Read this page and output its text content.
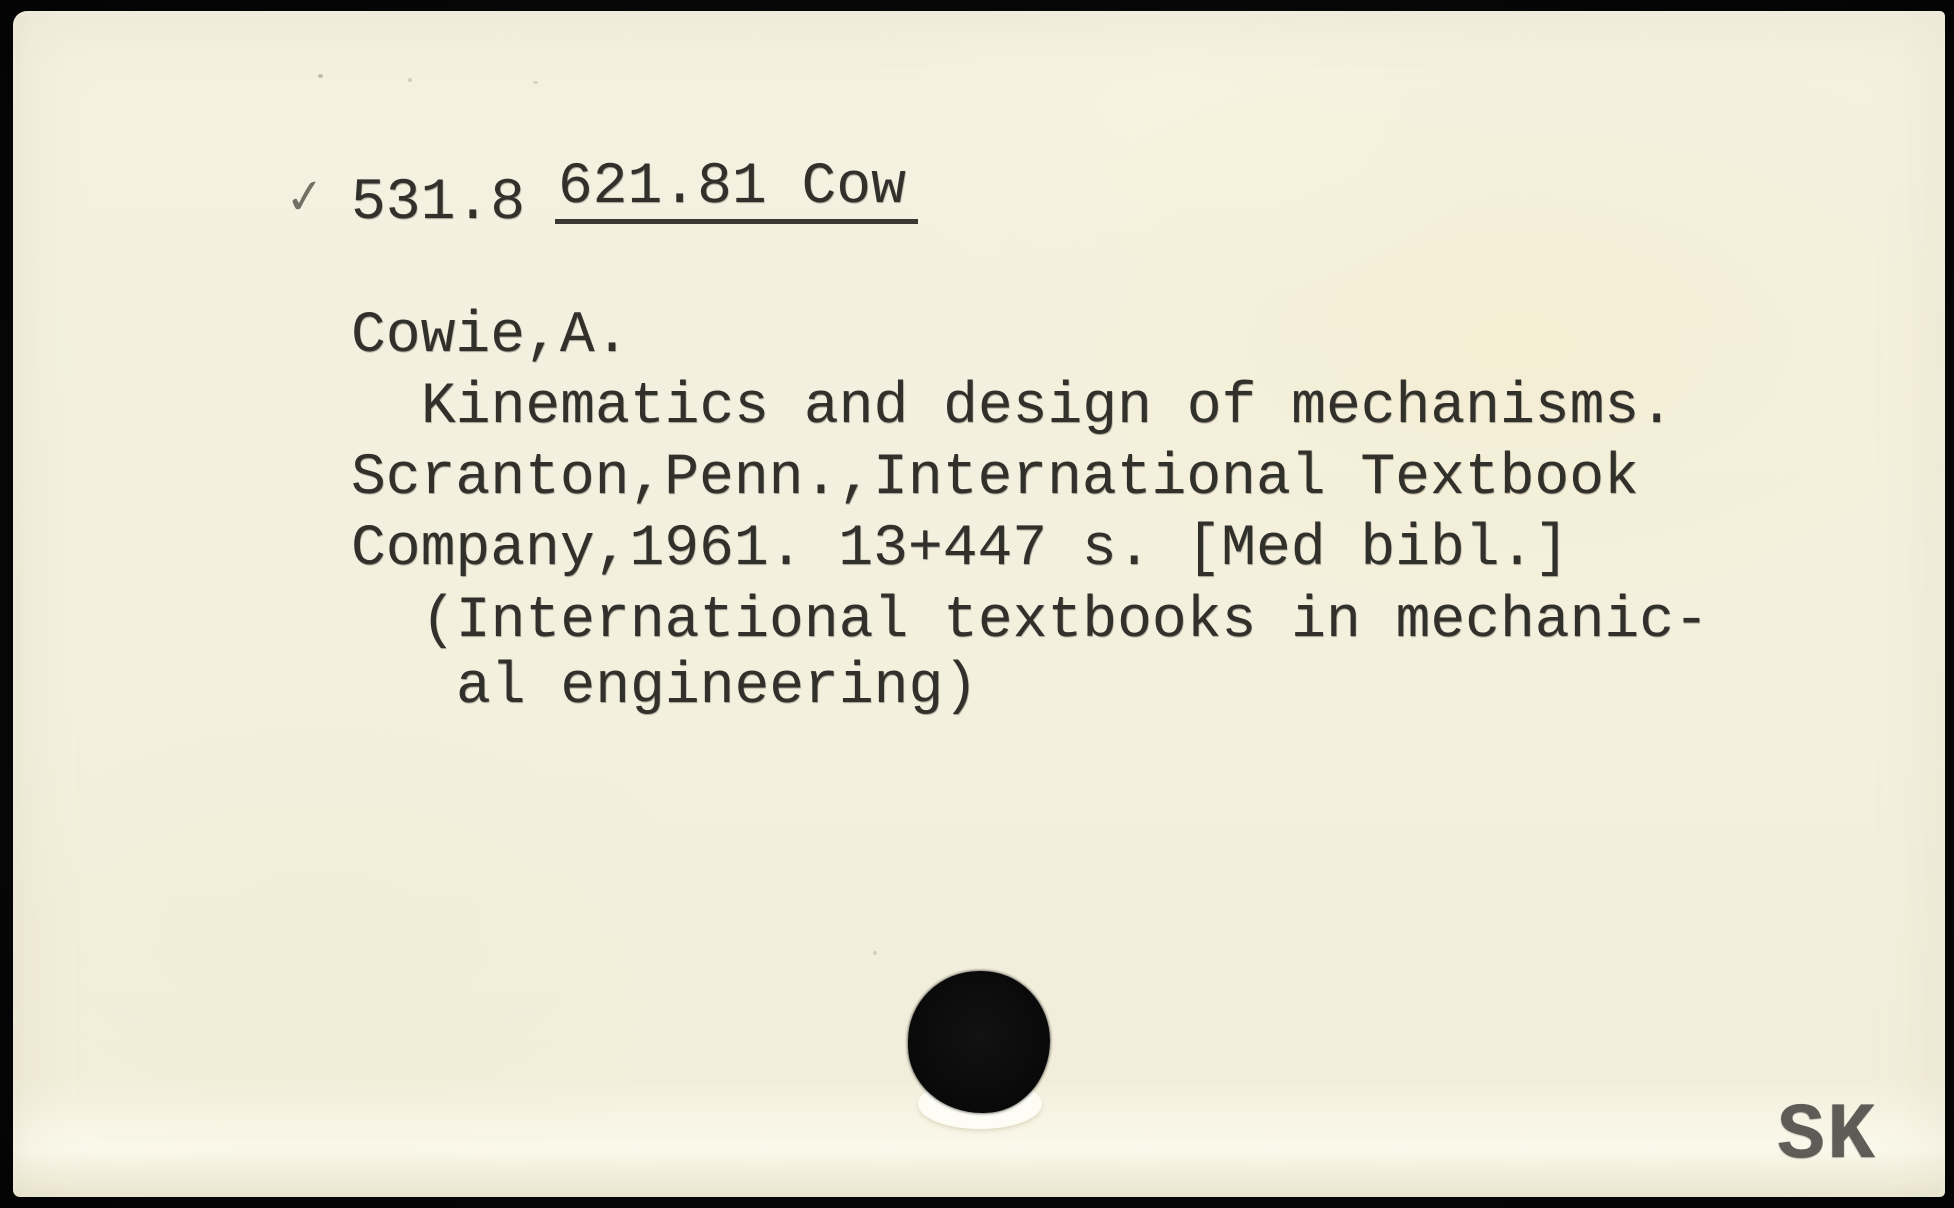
621.81 Cow

531.8
✓
Cowie,A.
Kinematics and design of mechanisms.
Scranton,Penn.,International Textbook
Company,1961. 13+447 s. [Med bibl.]
(International textbooks in mechanic-
al engineering)
SK
